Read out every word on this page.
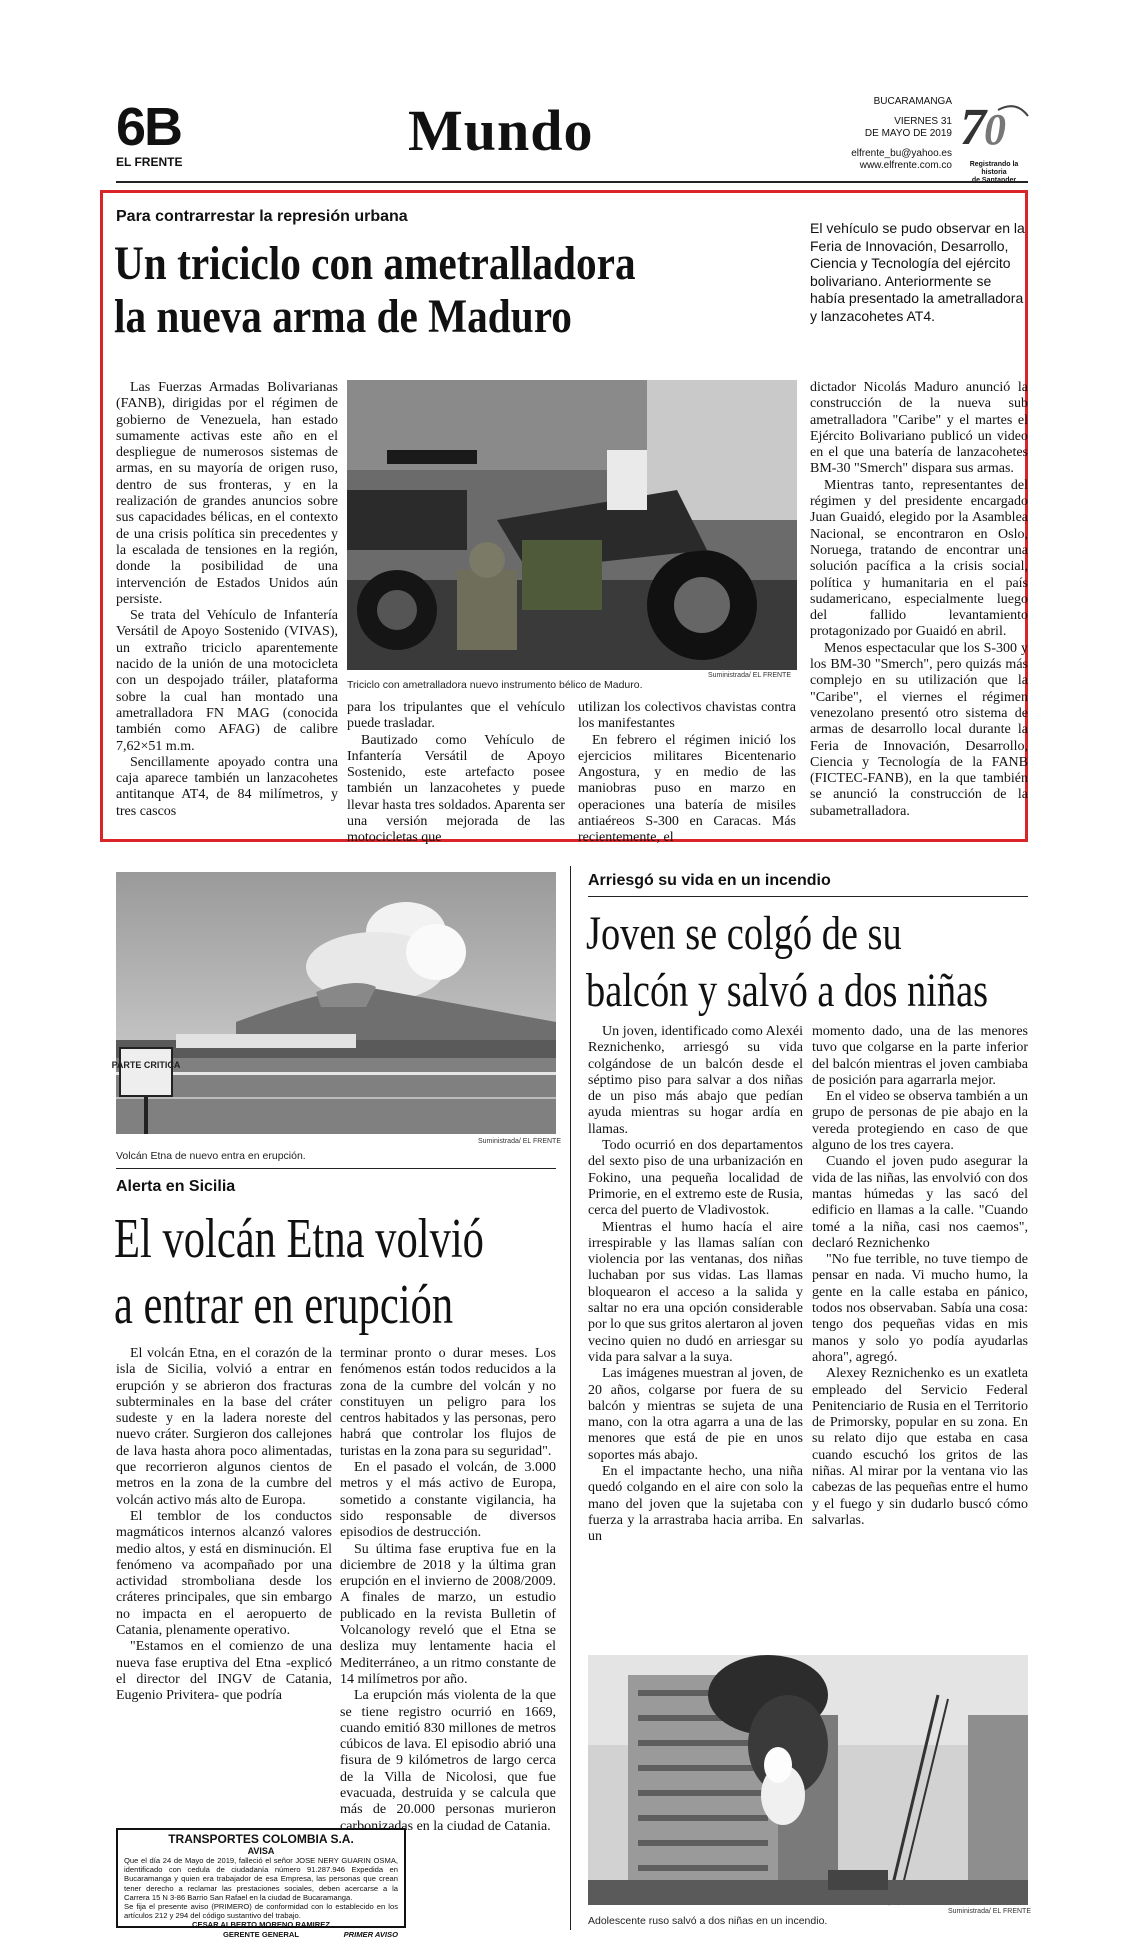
6B
EL FRENTE	Mundo	BUCARAMANGA
VIERNES 31
DE MAYO DE 2019
elfrente_bu@yahoo.es
www.elfrente.com.co
7
0
Registrando la historia
Para contrarrestar la represión urbana
Un triciclo con ametralladora
la nueva arma de Maduro
El vehículo se pudo observar en la Feria de Innovación, Desarrollo, Ciencia y Tecnología del ejército bolivariano. Anteriormente se había presentado la ametralladora y lanzacohetes AT4.
Suministrada/ EL FRENTE
Triciclo con ametralladora nuevo instrumento bélico de Maduro.

Las Fuerzas Armadas Bolivarianas (FANB), dirigidas por el régimen de gobierno de Venezuela, han estado sumamente activas este año en el despliegue de numerosos sistemas de armas, en su mayoría de origen ruso, dentro de sus fronteras, y en la realización de grandes anuncios sobre sus capacidades bélicas, en el contexto de una crisis política sin precedentes y la escalada de tensiones en la región, donde la posibilidad de una intervención de Estados Unidos aún persiste.

Se trata del Vehículo de Infantería Versátil de Apoyo Sostenido (VIVAS), un extraño triciclo aparentemente nacido de la unión de una motocicleta con un despojado tráiler, plataforma sobre la cual han montado una ametralladora FN MAG (conocida también como AFAG) de calibre 7,62×51 m.m.

Sencillamente apoyado contra una caja aparece también un lanzacohetes antitanque AT4, de 84 milímetros, y tres cascos

para los tripulantes que el vehículo puede trasladar.

Bautizado como Vehículo de Infantería Versátil de Apoyo Sostenido, este artefacto posee también un lanzacohetes y puede llevar hasta tres soldados. Aparenta ser una versión mejorada de las motocicletas que

utilizan los colectivos chavistas contra los manifestantes

En febrero el régimen inició los ejercicios militares Bicentenario Angostura, y en medio de las maniobras puso en marzo en operaciones una batería de misiles antiaéreos S-300 en Caracas. Más recientemente, el

dictador Nicolás Maduro anunció la construcción de la nueva sub ametralladora "Caribe" y el martes el Ejército Bolivariano publicó un video en el que una batería de lanzacohetes BM-30 "Smerch" dispara sus armas.

Mientras tanto, representantes del régimen y del presidente encargado Juan Guaidó, elegido por la Asamblea Nacional, se encontraron en Oslo, Noruega, tratando de encontrar una solución pacífica a la crisis social, política y humanitaria en el país sudamericano, especialmente luego del fallido levantamiento protagonizado por Guaidó en abril.

Menos espectacular que los S-300 y los BM-30 "Smerch", pero quizás más complejo en su utilización que la "Caribe", el viernes el régimen venezolano presentó otro sistema de armas de desarrollo local durante la Feria de Innovación, Desarrollo, Ciencia y Tecnología de la FANB (FICTEC-FANB), en la que también se anunció la construcción de la subametralladora.

PARTE CRITICA
Volcán Etna de nuevo entra en erupción.
Suministrada/ EL FRENTE
Alerta en Sicilia
El volcán Etna volvió
a entrar en erupción

El volcán Etna, en el corazón de la isla de Sicilia, volvió a entrar en erupción y se abrieron dos fracturas subterminales en la base del cráter sudeste y en la ladera noreste del nuevo cráter. Surgieron dos callejones de lava hasta ahora poco alimentadas, que recorrieron algunos cientos de metros en la zona de la cumbre del volcán activo más alto de Europa.

El temblor de los conductos magmáticos internos alcanzó valores medio altos, y está en disminución. El fenómeno va acompañado por una actividad stromboliana desde los cráteres principales, que sin embargo no impacta en el aeropuerto de Catania, plenamente operativo.

"Estamos en el comienzo de una nueva fase eruptiva del Etna -explicó el director del INGV de Catania, Eugenio Privitera- que podría

terminar pronto o durar meses. Los fenómenos están todos reducidos a la zona de la cumbre del volcán y no constituyen un peligro para los centros habitados y las personas, pero habrá que controlar los flujos de turistas en la zona para su seguridad".

En el pasado el volcán, de 3.000 metros y el más activo de Europa, sometido a constante vigilancia, ha sido responsable de diversos episodios de destrucción.

Su última fase eruptiva fue en la diciembre de 2018 y la última gran erupción en el invierno de 2008/2009. A finales de marzo, un estudio publicado en la revista Bulletin of Volcanology reveló que el Etna se desliza muy lentamente hacia el Mediterráneo, a un ritmo constante de 14 milímetros por año.

La erupción más violenta de la que se tiene registro ocurrió en 1669, cuando emitió 830 millones de metros cúbicos de lava. El episodio abrió una fisura de 9 kilómetros de largo cerca de la Villa de Nicolosi, que fue evacuada, destruida y se calcula que más de 20.000 personas murieron carbonizadas en la ciudad de Catania.

TRANSPORTES COLOMBIA S.A.
AVISA
Que el día 24 de Mayo de 2019, falleció el señor JOSE NERY GUARIN OSMA, identificado con cedula de ciudadanía número 91.287.946 Expedida en Bucaramanga y quien era trabajador de esa Empresa, las personas que crean tener derecho a reclamar las prestaciones sociales, deben acercarse a la Carrera 15 N 3-86 Barrio San Rafael en la ciudad de Bucaramanga.
Se fija el presente aviso (PRIMERO) de conformidad con lo establecido en los artículos 212 y 294 del código sustantivo del trabajo.
CESAR ALBERTO MORENO RAMIREZ
GERENTE GENERAL	PRIMER AVISO
Arriesgó su vida en un incendio
Joven se colgó de su
balcón y salvó a dos niñas

Un joven, identificado como Alexéi Reznichenko, arriesgó su vida colgándose de un balcón desde el séptimo piso para salvar a dos niñas de un piso más abajo que pedían ayuda mientras su hogar ardía en llamas.

Todo ocurrió en dos departamentos del sexto piso de una urbanización en Fokino, una pequeña localidad de Primorie, en el extremo este de Rusia, cerca del puerto de Vladivostok.

Mientras el humo hacía el aire irrespirable y las llamas salían con violencia por las ventanas, dos niñas luchaban por sus vidas. Las llamas bloquearon el acceso a la salida y saltar no era una opción considerable por lo que sus gritos alertaron al joven vecino quien no dudó en arriesgar su vida para salvar a la suya.

Las imágenes muestran al joven, de 20 años, colgarse por fuera de su balcón y mientras se sujeta de una mano, con la otra agarra a una de las menores que está de pie en unos soportes más abajo.

En el impactante hecho, una niña quedó colgando en el aire con solo la mano del joven que la sujetaba con fuerza y la arrastraba hacia arriba. En un

momento dado, una de las menores tuvo que colgarse en la parte inferior del balcón mientras el joven cambiaba de posición para agarrarla mejor.

En el video se observa también a un grupo de personas de pie abajo en la vereda protegiendo en caso de que alguno de los tres cayera.

Cuando el joven pudo asegurar la vida de las niñas, las envolvió con dos mantas húmedas y las sacó del edificio en llamas a la calle. "Cuando tomé a la niña, casi nos caemos", declaró Reznichenko

"No fue terrible, no tuve tiempo de pensar en nada. Vi mucho humo, la gente en la calle estaba en pánico, todos nos observaban. Sabía una cosa: tengo dos pequeñas vidas en mis manos y solo yo podía ayudarlas ahora", agregó.

Alexey Reznichenko es un exatleta empleado del Servicio Federal Penitenciario de Rusia en el Territorio de Primorsky, popular en su zona. En su relato dijo que estaba en casa cuando escuchó los gritos de las niñas. Al mirar por la ventana vio las cabezas de las pequeñas entre el humo y el fuego y sin dudarlo buscó cómo salvarlas.

Suministrada/ EL FRENTE
Adolescente ruso salvó a dos niñas en un incendio.
